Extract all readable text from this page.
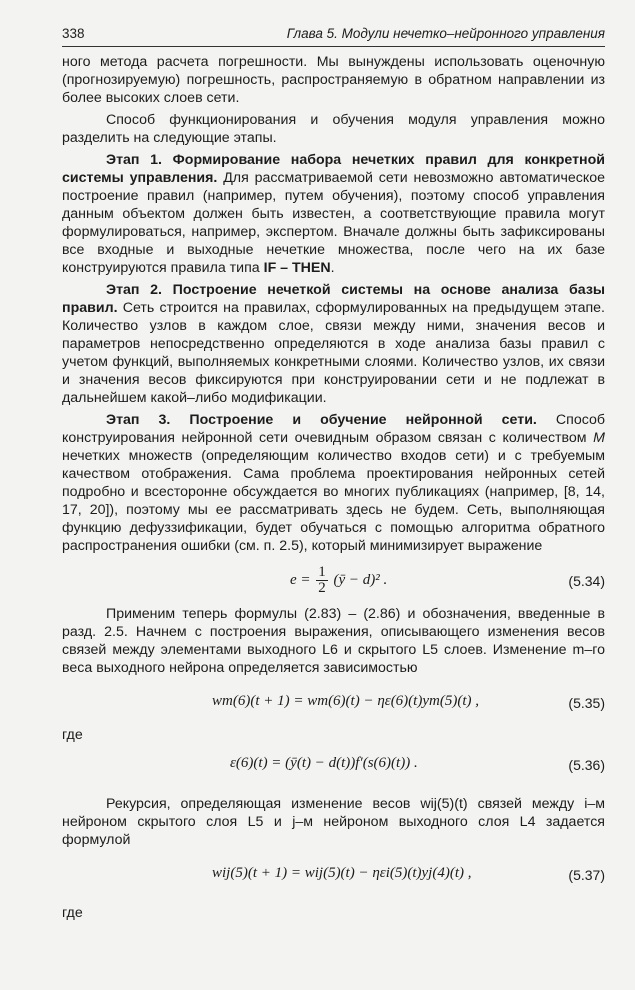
338	Глава 5. Модули нечетко–нейронного управления

ного метода расчета погрешности. Мы вынуждены использовать оценочную (прогнозируемую) погрешность, распространяемую в обратном направлении из более высоких слоев сети.

Способ функционирования и обучения модуля управления можно разделить на следующие этапы.

Этап 1. Формирование набора нечетких правил для конкретной системы управления. Для рассматриваемой сети невозможно автоматическое построение правил (например, путем обучения), поэтому способ управления данным объектом должен быть известен, а соответствующие правила могут формулироваться, например, экспертом. Вначале должны быть зафиксированы все входные и выходные нечеткие множества, после чего на их базе конструируются правила типа IF – THEN.

Этап 2. Построение нечеткой системы на основе анализа базы правил. Сеть строится на правилах, сформулированных на предыдущем этапе. Количество узлов в каждом слое, связи между ними, значения весов и параметров непосредственно определяются в ходе анализа базы правил с учетом функций, выполняемых конкретными слоями. Количество узлов, их связи и значения весов фиксируются при конструировании сети и не подлежат в дальнейшем какой–либо модификации.

Этап 3. Построение и обучение нейронной сети. Способ конструирования нейронной сети очевидным образом связан с количеством M нечетких множеств (определяющим количество входов сети) и с требуемым качеством отображения. Сама проблема проектирования нейронных сетей подробно и всесторонне обсуждается во многих публикациях (например, [8, 14, 17, 20]), поэтому мы ее рассматривать здесь не будем. Сеть, выполняющая функцию дефуззификации, будет обучаться с помощью алгоритма обратного распространения ошибки (см. п. 2.5), который минимизирует выражение

$e = \frac{1}{2}$ (ȳ − d)² .	(5.34)

Применим теперь формулы (2.83) – (2.86) и обозначения, введенные в разд. 2.5. Начнем с построения выражения, описывающего изменения весов связей между элементами выходного L6 и скрытого L5 слоев. Изменение m–го веса выходного нейрона определяется зависимостью

wm(6)(t + 1) = wm(6)(t) − ηε(6)(t)ym(5)(t) ,	(5.35)

где

ε(6)(t) = (ȳ(t) − d(t))f′(s(6)(t)) .	(5.36)

Рекурсия, определяющая изменение весов wij(5)(t) связей между i–м нейроном скрытого слоя L5 и j–м нейроном выходного слоя L4 задается формулой

wij(5)(t + 1) = wij(5)(t) − ηεi(5)(t)yj(4)(t) ,	(5.37)

где
